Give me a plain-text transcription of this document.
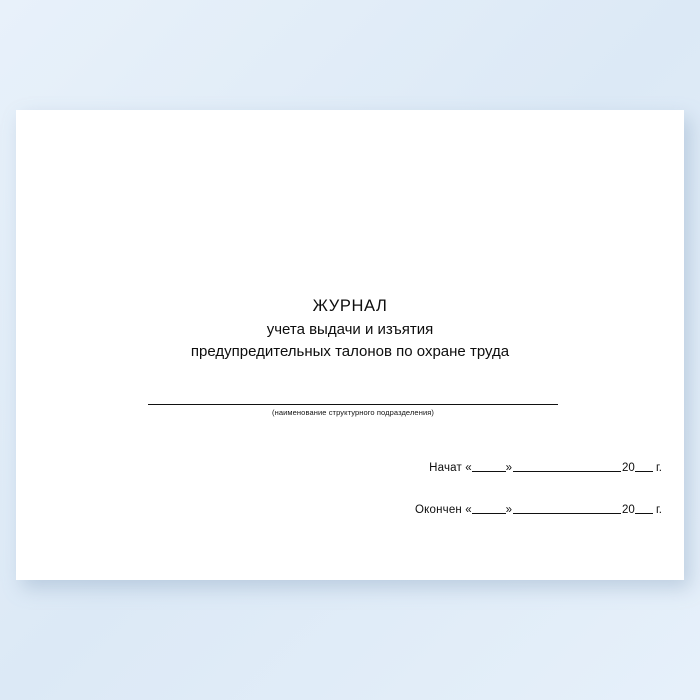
ЖУРНАЛ
учета выдачи и изъятия
предупредительных талонов по охране труда
(наименование структурного подразделения)
Начат «	»	20 г.
Окончен «	»	20 г.
